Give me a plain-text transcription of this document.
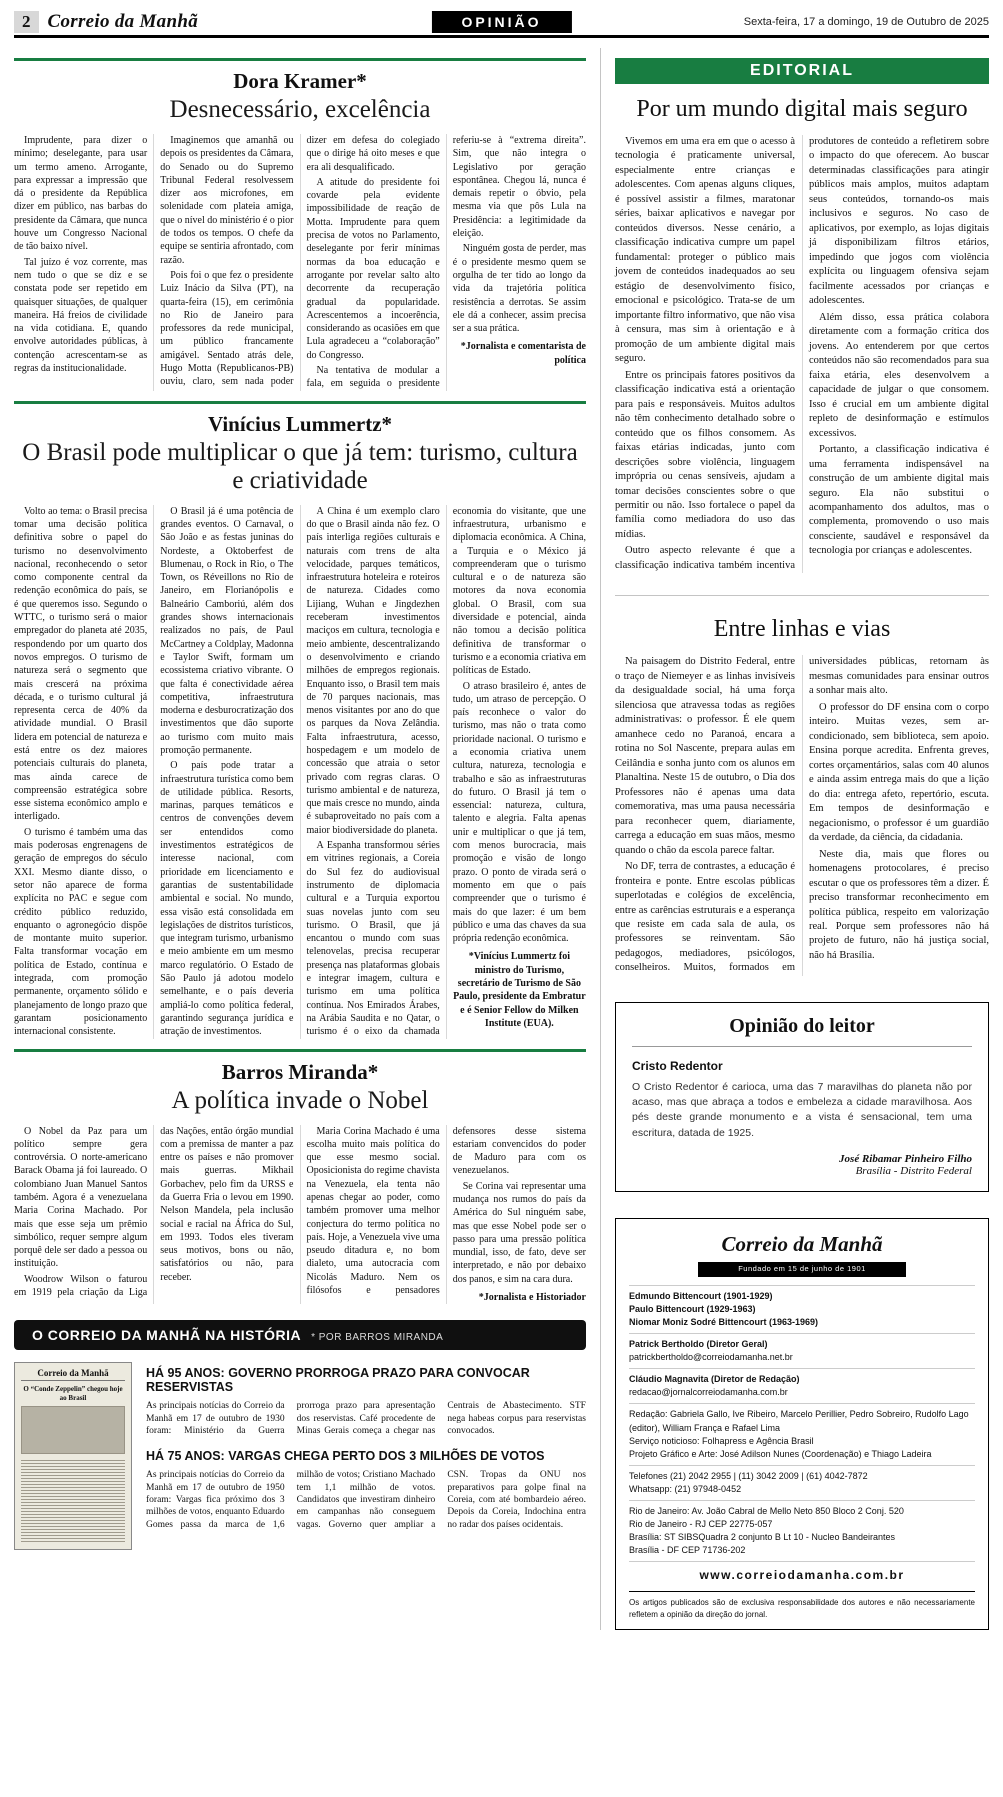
2 Correio da Manhã	OPINIÃO	Sexta-feira, 17 a domingo, 19 de Outubro de 2025
Dora Kramer*
Desnecessário, excelência

Imprudente, para dizer o mínimo; deselegante, para usar um termo ameno. Arrogante, para expressar a impressão que dá o presidente da República dizer em público, nas barbas do presidente da Câmara, que nunca houve um Congresso Nacional de tão baixo nível.

Tal juízo é voz corrente, mas nem tudo o que se diz e se constata pode ser repetido em quaisquer situações, de qualquer maneira. Há freios de civilidade na vida cotidiana. E, quando envolve autoridades públicas, à contenção acrescentam-se as regras da institucionalidade.

Imaginemos que amanhã ou depois os presidentes da Câmara, do Senado ou do Supremo Tribunal Federal resolvessem dizer aos microfones, em solenidade com plateia amiga, que o nível do ministério é o pior de todos os tempos. O chefe da equipe se sentiria afrontado, com razão.

Pois foi o que fez o presidente Luiz Inácio da Silva (PT), na quarta-feira (15), em cerimônia no Rio de Janeiro para professores da rede municipal, um público francamente amigável. Sentado atrás dele, Hugo Motta (Republicanos-PB) ouviu, claro, sem nada poder dizer em defesa do colegiado que o dirige há oito meses e que era ali desqualificado.

A atitude do presidente foi covarde pela evidente impossibilidade de reação de Motta. Imprudente para quem precisa de votos no Parlamento, deselegante por ferir mínimas normas da boa educação e arrogante por revelar salto alto decorrente da recuperação gradual da popularidade. Acrescentemos a incoerência, considerando as ocasiões em que Lula agradeceu a “colaboração” do Congresso.

Na tentativa de modular a fala, em seguida o presidente referiu-se à “extrema direita”. Sim, que não integra o Legislativo por geração espontânea. Chegou lá, nunca é demais repetir o óbvio, pela mesma via que pôs Lula na Presidência: a legitimidade da eleição.

Ninguém gosta de perder, mas é o presidente mesmo quem se orgulha de ter tido ao longo da vida da trajetória política resistência a derrotas. Se assim ele dá a conhecer, assim precisa ser a sua prática.

*Jornalista e comentarista de política

Vinícius Lummertz*
O Brasil pode multiplicar o que já tem: turismo, cultura e criatividade

Volto ao tema: o Brasil precisa tomar uma decisão política definitiva sobre o papel do turismo no desenvolvimento nacional, reconhecendo o setor como componente central da redenção econômica do país, se é que queremos isso. Segundo o WTTC, o turismo será o maior empregador do planeta até 2035, respondendo por um quarto dos novos empregos. O turismo de natureza será o segmento que mais crescerá na próxima década, e o turismo cultural já representa cerca de 40% da atividade mundial. O Brasil lidera em potencial de natureza e está entre os dez maiores potenciais culturais do planeta, mas ainda carece de compreensão estratégica sobre esse sistema econômico amplo e interligado.

O turismo é também uma das mais poderosas engrenagens de geração de empregos do século XXI. Mesmo diante disso, o setor não aparece de forma explícita no PAC e segue com crédito público reduzido, enquanto o agronegócio dispõe de montante muito superior. Falta transformar vocação em política de Estado, contínua e integrada, com promoção permanente, orçamento sólido e planejamento de longo prazo que garantam posicionamento internacional consistente.

O Brasil já é uma potência de grandes eventos. O Carnaval, o São João e as festas juninas do Nordeste, a Oktoberfest de Blumenau, o Rock in Rio, o The Town, os Réveillons no Rio de Janeiro, em Florianópolis e Balneário Camboriú, além dos grandes shows internacionais realizados no país, de Paul McCartney a Coldplay, Madonna e Taylor Swift, formam um ecossistema criativo vibrante. O que falta é conectividade aérea competitiva, infraestrutura moderna e desburocratização dos investimentos que dão suporte ao turismo com muito mais promoção permanente.

O país pode tratar a infraestrutura turística como bem de utilidade pública. Resorts, marinas, parques temáticos e centros de convenções devem ser entendidos como investimentos estratégicos de interesse nacional, com prioridade em licenciamento e garantias de sustentabilidade ambiental e social. No mundo, essa visão está consolidada em legislações de distritos turísticos, que integram turismo, urbanismo e meio ambiente em um mesmo marco regulatório. O Estado de São Paulo já adotou modelo semelhante, e o país deveria ampliá-lo como política federal, garantindo segurança jurídica e atração de investimentos.

A China é um exemplo claro do que o Brasil ainda não fez. O país interliga regiões culturais e naturais com trens de alta velocidade, parques temáticos, infraestrutura hoteleira e roteiros de natureza. Cidades como Lijiang, Wuhan e Jingdezhen receberam investimentos maciços em cultura, tecnologia e meio ambiente, descentralizando o desenvolvimento e criando milhões de empregos regionais. Enquanto isso, o Brasil tem mais de 70 parques nacionais, mas menos visitantes por ano do que os parques da Nova Zelândia. Falta infraestrutura, acesso, hospedagem e um modelo de concessão que atraia o setor privado com regras claras. O turismo ambiental e de natureza, que mais cresce no mundo, ainda é subaproveitado no país com a maior biodiversidade do planeta.

A Espanha transformou séries em vitrines regionais, a Coreia do Sul fez do audiovisual instrumento de diplomacia cultural e a Turquia exportou suas novelas junto com seu turismo. O Brasil, que já encantou o mundo com suas telenovelas, precisa recuperar presença nas plataformas globais e integrar imagem, cultura e turismo em uma política contínua. Nos Emirados Árabes, na Arábia Saudita e no Qatar, o turismo é o eixo da chamada economia do visitante, que une infraestrutura, urbanismo e diplomacia econômica. A China, a Turquia e o México já compreenderam que o turismo cultural e o de natureza são motores da nova economia global. O Brasil, com sua diversidade e potencial, ainda não tomou a decisão política definitiva de transformar o turismo e a economia criativa em políticas de Estado.

O atraso brasileiro é, antes de tudo, um atraso de percepção. O país reconhece o valor do turismo, mas não o trata como prioridade nacional. O turismo e a economia criativa unem cultura, natureza, tecnologia e trabalho e são as infraestruturas do futuro. O Brasil já tem o essencial: natureza, cultura, talento e alegria. Falta apenas unir e multiplicar o que já tem, com menos burocracia, mais promoção e visão de longo prazo. O ponto de virada será o momento em que o país compreender que o turismo é mais do que lazer: é um bem público e uma das chaves da sua própria redenção econômica.

*Vinícius Lummertz foi ministro do Turismo, secretário de Turismo de São Paulo, presidente da Embratur e é Senior Fellow do Milken Institute (EUA).

Barros Miranda*
A política invade o Nobel

O Nobel da Paz para um político sempre gera controvérsia. O norte-americano Barack Obama já foi laureado. O colombiano Juan Manuel Santos também. Agora é a venezuelana Maria Corina Machado. Por mais que esse seja um prêmio simbólico, requer sempre algum porquê dele ser dado a pessoa ou instituição.

Woodrow Wilson o faturou em 1919 pela criação da Liga das Nações, então órgão mundial com a premissa de manter a paz entre os países e não promover mais guerras. Mikhail Gorbachev, pelo fim da URSS e da Guerra Fria o levou em 1990. Nelson Mandela, pela inclusão social e racial na África do Sul, em 1993. Todos eles tiveram seus motivos, bons ou não, satisfatórios ou não, para receber.

Maria Corina Machado é uma escolha muito mais política do que esse mesmo social. Oposicionista do regime chavista na Venezuela, ela tenta não apenas chegar ao poder, como também promover uma melhor conjectura do termo política no país. Hoje, a Venezuela vive uma pseudo ditadura e, no bom dialeto, uma autocracia com Nicolás Maduro. Nem os filósofos e pensadores defensores desse sistema estariam convencidos do poder de Maduro para com os venezuelanos.

Se Corina vai representar uma mudança nos rumos do país da América do Sul ninguém sabe, mas que esse Nobel pode ser o passo para uma pressão política mundial, isso, de fato, deve ser interpretado, e não por debaixo dos panos, e sim na cara dura.

*Jornalista e Historiador

O CORREIO DA MANHÃ NA HISTÓRIA * POR BARROS MIRANDA
Correio da Manhã
O “Conde Zeppelin” chegou hoje ao Brasil
HÁ 95 ANOS: GOVERNO PRORROGA PRAZO PARA CONVOCAR RESERVISTAS
As principais notícias do Correio da Manhã em 17 de outubro de 1930 foram: Ministério da Guerra prorroga prazo para apresentação dos reservistas. Café procedente de Minas Gerais começa a chegar nas Centrais de Abastecimento. STF nega habeas corpus para reservistas convocados.
HÁ 75 ANOS: VARGAS CHEGA PERTO DOS 3 MILHÕES DE VOTOS
As principais notícias do Correio da Manhã em 17 de outubro de 1950 foram: Vargas fica próximo dos 3 milhões de votos, enquanto Eduardo Gomes passa da marca de 1,6 milhão de votos; Cristiano Machado tem 1,1 milhão de votos. Candidatos que investiram dinheiro em campanhas não conseguem vagas. Governo quer ampliar a CSN. Tropas da ONU nos preparativos para golpe final na Coreia, com até bombardeio aéreo. Depois da Coreia, Indochina entra no radar dos países ocidentais.
EDITORIAL
Por um mundo digital mais seguro

Vivemos em uma era em que o acesso à tecnologia é praticamente universal, especialmente entre crianças e adolescentes. Com apenas alguns cliques, é possível assistir a filmes, maratonar séries, baixar aplicativos e navegar por conteúdos diversos. Nesse cenário, a classificação indicativa cumpre um papel fundamental: proteger o público mais jovem de conteúdos inadequados ao seu estágio de desenvolvimento físico, emocional e psicológico. Trata-se de um importante filtro informativo, que não visa à censura, mas sim à orientação e à promoção de um ambiente digital mais seguro.

Entre os principais fatores positivos da classificação indicativa está a orientação para pais e responsáveis. Muitos adultos não têm conhecimento detalhado sobre o conteúdo que os filhos consomem. As faixas etárias indicadas, junto com descrições sobre violência, linguagem imprópria ou cenas sensíveis, ajudam a tomar decisões conscientes sobre o que permitir ou não. Isso fortalece o papel da família como mediadora do uso das mídias.

Outro aspecto relevante é que a classificação indicativa também incentiva produtores de conteúdo a refletirem sobre o impacto do que oferecem. Ao buscar determinadas classificações para atingir públicos mais amplos, muitos adaptam seus conteúdos, tornando-os mais inclusivos e seguros. No caso de aplicativos, por exemplo, as lojas digitais já disponibilizam filtros etários, impedindo que jogos com violência explícita ou linguagem ofensiva sejam facilmente acessados por crianças e adolescentes.

Além disso, essa prática colabora diretamente com a formação crítica dos jovens. Ao entenderem por que certos conteúdos não são recomendados para sua faixa etária, eles desenvolvem a capacidade de julgar o que consomem. Isso é crucial em um ambiente digital repleto de desinformação e estímulos excessivos.

Portanto, a classificação indicativa é uma ferramenta indispensável na construção de um ambiente digital mais seguro. Ela não substitui o acompanhamento dos adultos, mas o complementa, promovendo o uso mais consciente, saudável e responsável da tecnologia por crianças e adolescentes.

Entre linhas e vias

Na paisagem do Distrito Federal, entre o traço de Niemeyer e as linhas invisíveis da desigualdade social, há uma força silenciosa que atravessa todas as regiões administrativas: o professor. É ele quem amanhece cedo no Paranoá, encara a rotina no Sol Nascente, prepara aulas em Ceilândia e sonha junto com os alunos em Planaltina. Neste 15 de outubro, o Dia dos Professores não é apenas uma data comemorativa, mas uma pausa necessária para reconhecer quem, diariamente, carrega a educação em suas mãos, mesmo quando o chão da escola parece faltar.

No DF, terra de contrastes, a educação é fronteira e ponte. Entre escolas públicas superlotadas e colégios de excelência, entre as carências estruturais e a esperança que resiste em cada sala de aula, os professores se reinventam. São pedagogos, mediadores, psicólogos, conselheiros. Muitos, formados em universidades públicas, retornam às mesmas comunidades para ensinar outros a sonhar mais alto.

O professor do DF ensina com o corpo inteiro. Muitas vezes, sem ar-condicionado, sem biblioteca, sem apoio. Ensina porque acredita. Enfrenta greves, cortes orçamentários, salas com 40 alunos e ainda assim entrega mais do que a lição do dia: entrega afeto, repertório, escuta. Em tempos de desinformação e negacionismo, o professor é um guardião da verdade, da ciência, da cidadania.

Neste dia, mais que flores ou homenagens protocolares, é preciso escutar o que os professores têm a dizer. É preciso transformar reconhecimento em política pública, respeito em valorização real. Porque sem professores não há projeto de futuro, não há justiça social, não há Brasília.

Opinião do leitor
Cristo Redentor
O Cristo Redentor é carioca, uma das 7 maravilhas do planeta não por acaso, mas que abraça a todos e embeleza a cidade maravilhosa. Aos pés deste grande monumento e a vista é sensacional, tem uma escritura, datada de 1925.
José Ribamar Pinheiro Filho
Brasília - Distrito Federal
Correio da Manhã
Fundado em 15 de junho de 1901

Edmundo Bittencourt (1901-1929)

Paulo Bittencourt (1929-1963)

Niomar Moniz Sodré Bittencourt (1963-1969)

Patrick Bertholdo (Diretor Geral)
patrickbertholdo@correiodamanha.net.br
Cláudio Magnavita (Diretor de Redação)
redacao@jornalcorreiodamanha.com.br
Redação: Gabriela Gallo, Ive Ribeiro, Marcelo Perillier, Pedro Sobreiro, Rudolfo Lago (editor), William França e Rafael Lima
Serviço noticioso: Folhapress e Agência Brasil
Projeto Gráfico e Arte: José Adilson Nunes (Coordenação) e Thiago Ladeira
Telefones (21) 2042 2955 | (11) 3042 2009 | (61) 4042-7872
Whatsapp: (21) 97948-0452
Rio de Janeiro: Av. João Cabral de Mello Neto 850 Bloco 2 Conj. 520
Rio de Janeiro - RJ CEP 22775-057
Brasília: ST SIBSQuadra 2 conjunto B Lt 10 - Nucleo Bandeirantes
Brasília - DF CEP 71736-202
www.correiodamanha.com.br
Os artigos publicados são de exclusiva responsabilidade dos autores e não necessariamente refletem a opinião da direção do jornal.
